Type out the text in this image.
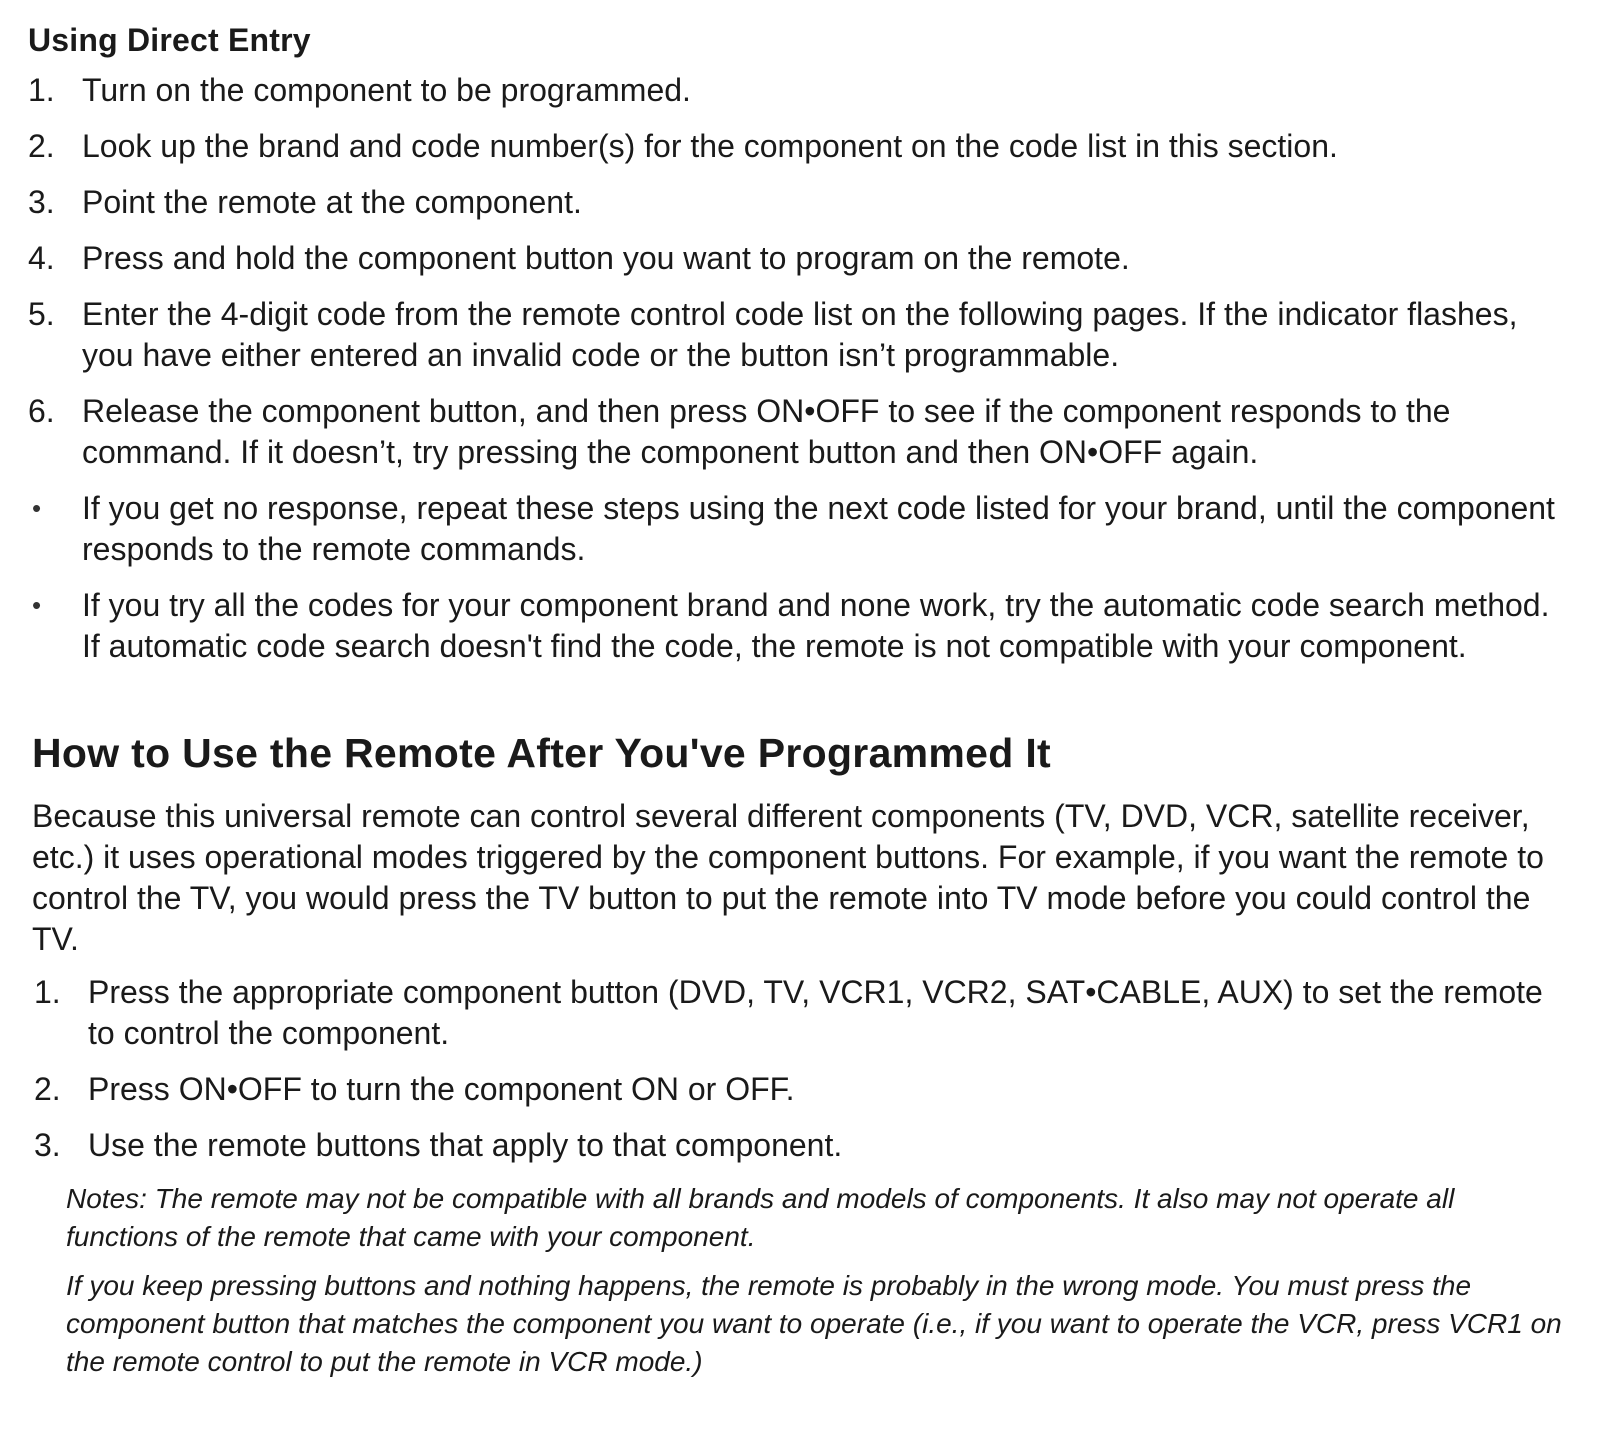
Using Direct Entry
1. Turn on the component to be programmed.
2. Look up the brand and code number(s) for the component on the code list in this section.
3. Point the remote at the component.
4. Press and hold the component button you want to program on the remote.
5. Enter the 4-digit code from the remote control code list on the following pages. If the indicator flashes, you have either entered an invalid code or the button isn’t programmable.
6. Release the component button, and then press ON•OFF to see if the component responds to the command. If it doesn’t, try pressing the component button and then ON•OFF again.
•	If you get no response, repeat these steps using the next code listed for your brand, until the component responds to the remote commands.
•	If you try all the codes for your component brand and none work, try the automatic code search method. If automatic code search doesn't find the code, the remote is not compatible with your component.
How to Use the Remote After You've Programmed It

Because this universal remote can control several different components (TV, DVD, VCR, satellite receiver, etc.) it uses operational modes triggered by the component buttons. For example, if you want the remote to control the TV, you would press the TV button to put the remote into TV mode before you could control the TV.

1. Press the appropriate component button (DVD, TV, VCR1, VCR2, SAT•CABLE, AUX) to set the remote to control the component.
2. Press ON•OFF to turn the component ON or OFF.
3. Use the remote buttons that apply to that component.

Notes: The remote may not be compatible with all brands and models of components. It also may not operate all functions of the remote that came with your component.

If you keep pressing buttons and nothing happens, the remote is probably in the wrong mode. You must press the component button that matches the component you want to operate (i.e., if you want to operate the VCR, press VCR1 on the remote control to put the remote in VCR mode.)
